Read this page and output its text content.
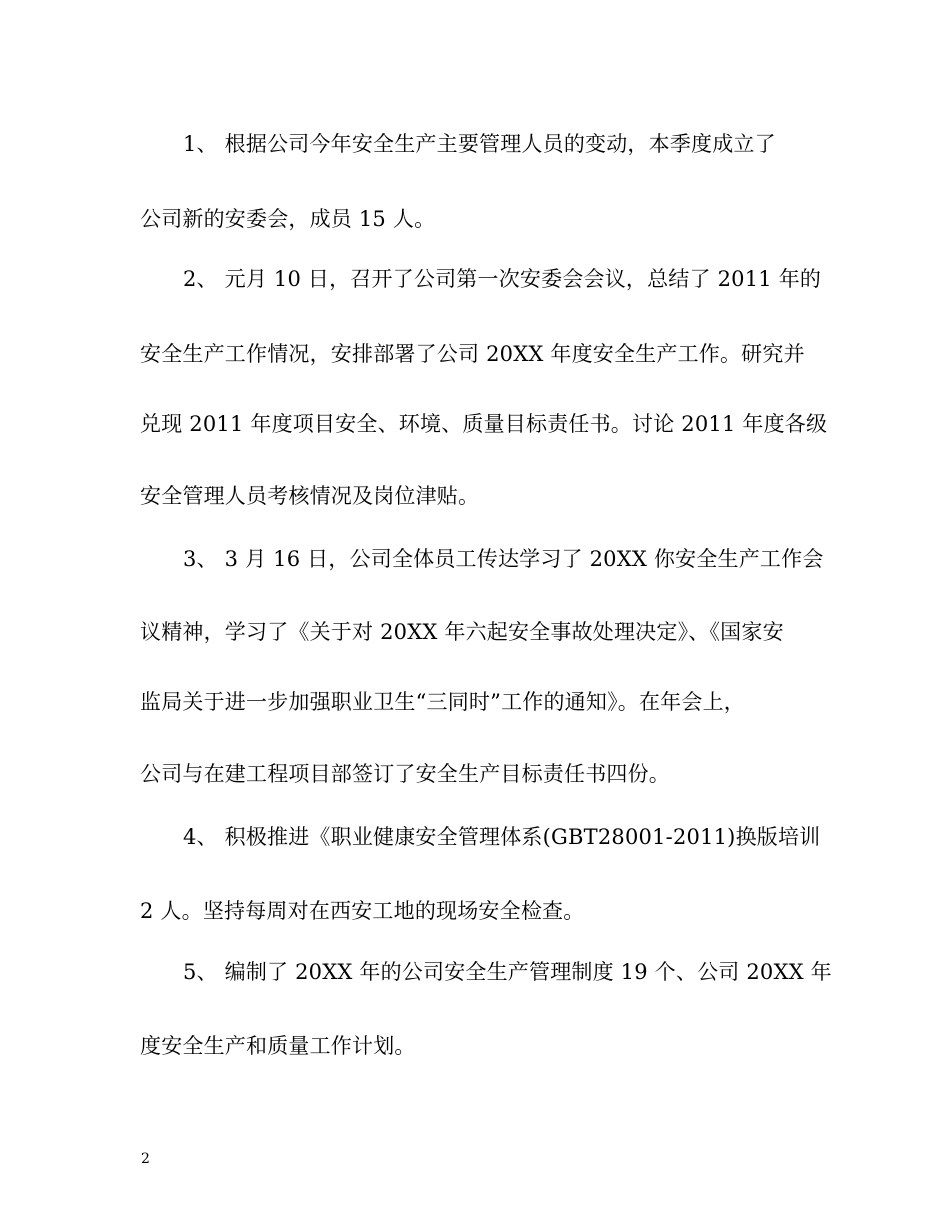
1、 根据公司今年安全生产主要管理人员的变动，本季度成立了
公司新的安委会，成员 15 人。
2、 元月 10 日，召开了公司第一次安委会会议，总结了 2011 年的
安全生产工作情况，安排部署了公司 20XX 年度安全生产工作。研究并
兑现 2011 年度项目安全、环境、质量目标责任书。讨论 2011 年度各级
安全管理人员考核情况及岗位津贴。
3、 3 月 16 日，公司全体员工传达学习了 20XX 你安全生产工作会
议精神，学习了《关于对 20XX 年六起安全事故处理决定》、《国家安
监局关于进一步加强职业卫生“三同时”工作的通知》。在年会上，
公司与在建工程项目部签订了安全生产目标责任书四份。
4、 积极推进《职业健康安全管理体系(GBT28001-2011)换版培训
2 人。坚持每周对在西安工地的现场安全检查。
5、 编制了 20XX 年的公司安全生产管理制度 19 个、公司 20XX 年
度安全生产和质量工作计划。
2
